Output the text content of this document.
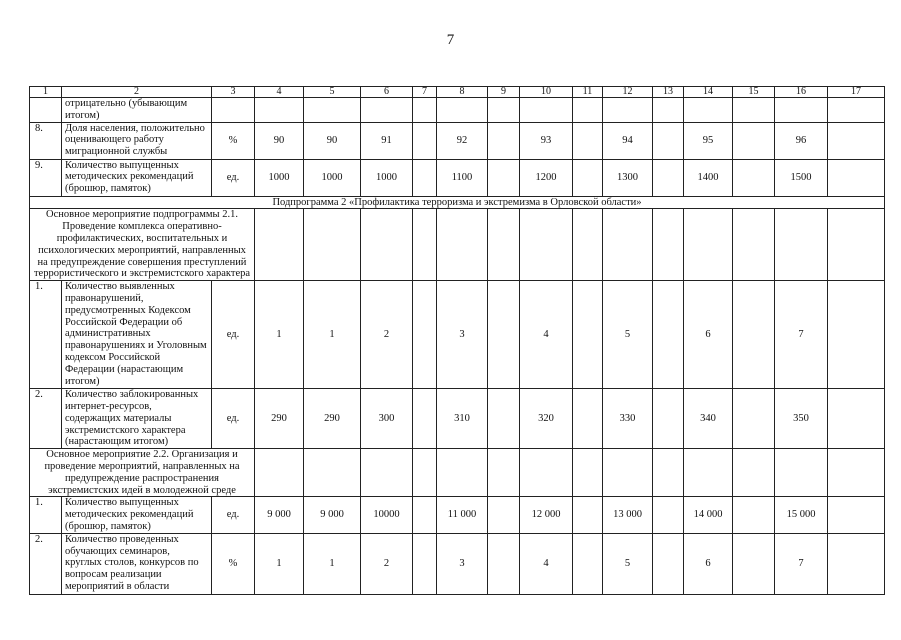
7
1	2	3	4	5	6	7	8	9	10	11	12	13	14	15	16	17
	отрицательно (убывающим итогом)															
8.	Доля населения, положительно оценивающего работу миграционной службы	%	90	90	91		92		93		94		95		96	
9.	Количество выпущенных методических рекомендаций (брошюр, памяток)	ед.	1000	1000	1000		1100		1200		1300		1400		1500	
Подпрограмма 2 «Профилактика терроризма и экстремизма в Орловской области»																
Основное мероприятие подпрограммы 2.1. Проведение комплекса оперативно-профилактических, воспитательных и психологических мероприятий, направленных на предупреждение совершения преступлений террористического и экстремистского характера																
1.	Количество выявленных правонарушений, предусмотренных Кодексом Российской Федерации об административных правонарушениях и Уголовным кодексом Российской Федерации (нарастающим итогом)	ед.	1	1	2		3		4		5		6		7	
2.	Количество заблокированных интернет-ресурсов, содержащих материалы экстремистского характера (нарастающим итогом)	ед.	290	290	300		310		320		330		340		350	
Основное мероприятие 2.2. Организация и проведение мероприятий, направленных на предупреждение распространения экстремистских идей в молодежной среде																
1.	Количество выпущенных методических рекомендаций (брошюр, памяток)	ед.	9 000	9 000	10000		11 000		12 000		13 000		14 000		15 000	
2.	Количество проведенных обучающих семинаров, круглых столов, конкурсов по вопросам реализации мероприятий в области	%	1	1	2		3		4		5		6		7	
